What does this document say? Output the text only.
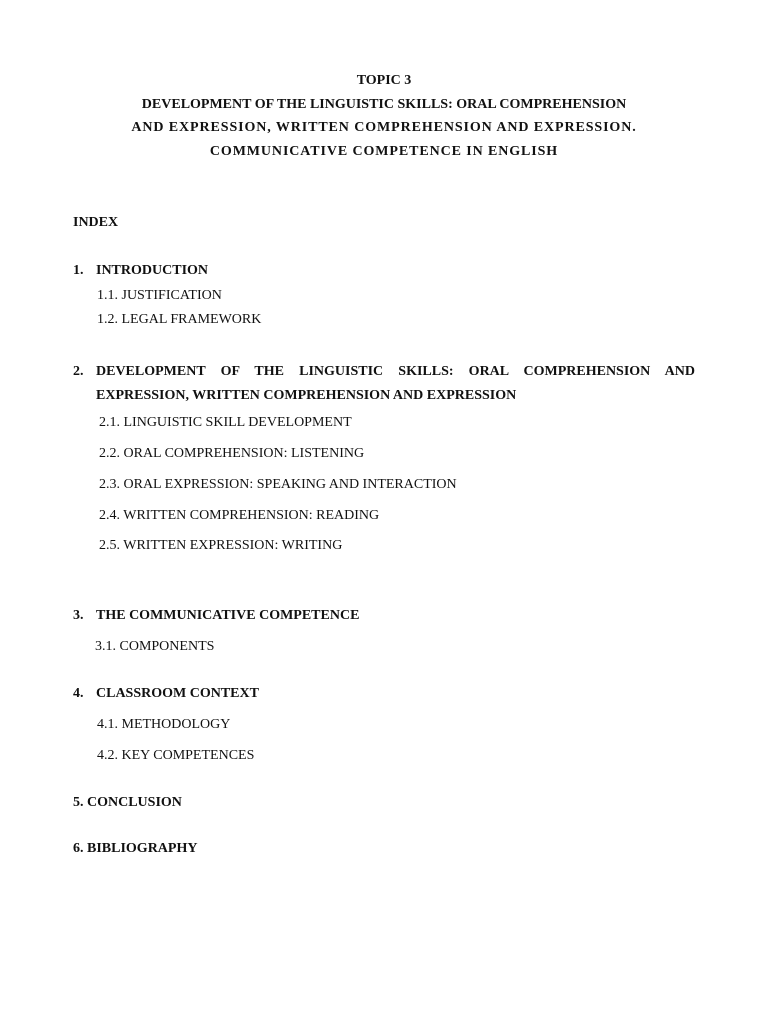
TOPIC 3
DEVELOPMENT OF THE LINGUISTIC SKILLS: ORAL COMPREHENSION
AND EXPRESSION, WRITTEN COMPREHENSION AND EXPRESSION.
COMMUNICATIVE COMPETENCE IN ENGLISH
INDEX
1. INTRODUCTION
1.1. JUSTIFICATION
1.2. LEGAL FRAMEWORK
2. DEVELOPMENT OF THE LINGUISTIC SKILLS: ORAL COMPREHENSION AND
EXPRESSION, WRITTEN COMPREHENSION AND EXPRESSION
2.1. LINGUISTIC SKILL DEVELOPMENT
2.2. ORAL COMPREHENSION: LISTENING
2.3. ORAL EXPRESSION: SPEAKING AND INTERACTION
2.4. WRITTEN COMPREHENSION: READING
2.5. WRITTEN EXPRESSION: WRITING
3. THE COMMUNICATIVE COMPETENCE
3.1. COMPONENTS
4. CLASSROOM CONTEXT
4.1. METHODOLOGY
4.2. KEY COMPETENCES
5. CONCLUSION
6. BIBLIOGRAPHY
